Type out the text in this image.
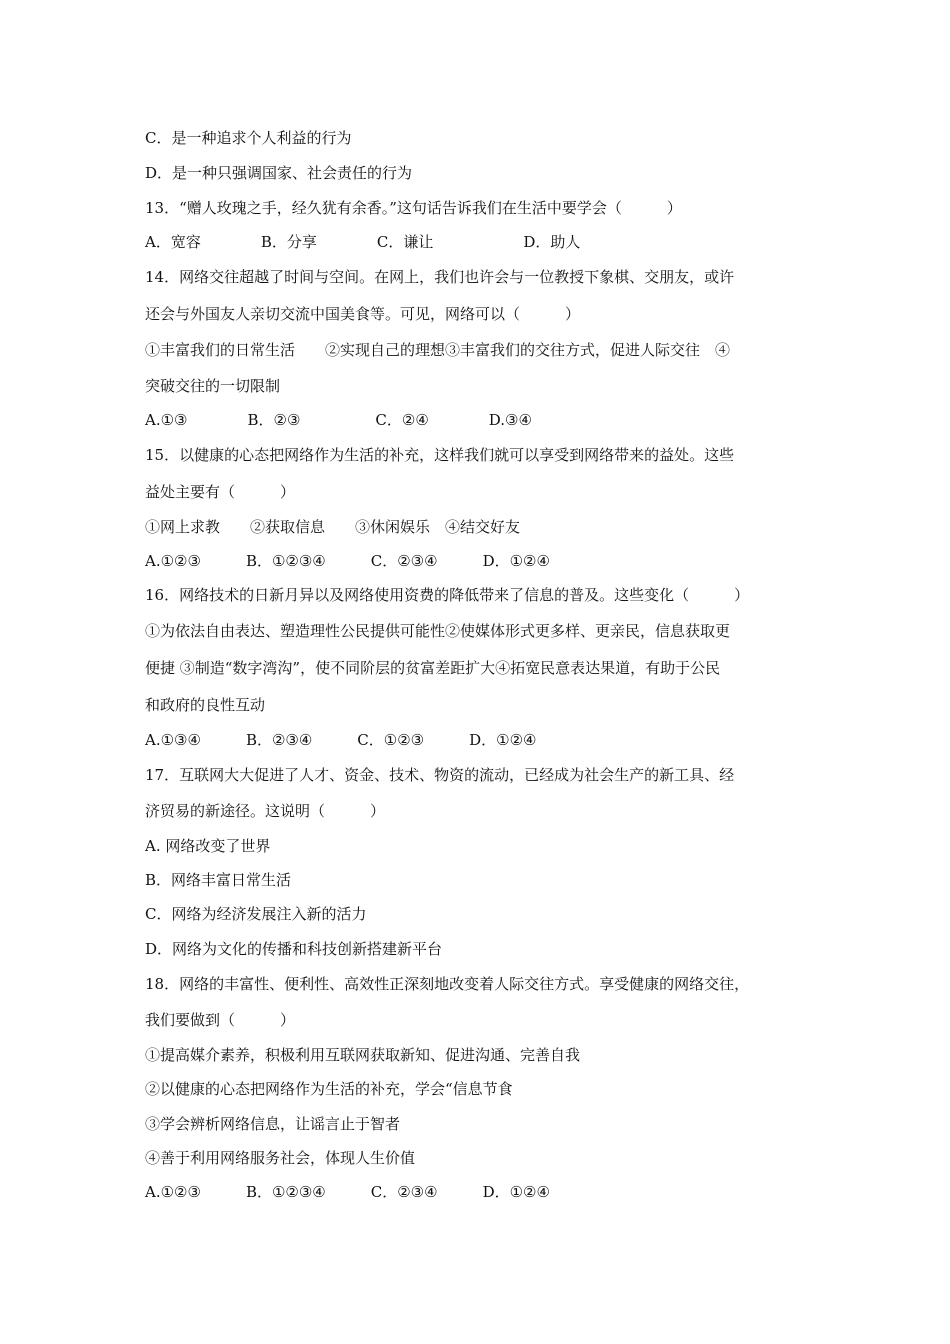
C．是一种追求个人利益的行为
D．是一种只强调国家、社会责任的行为
13．“赠人玫瑰之手，经久犹有余香。”这句话告诉我们在生活中要学会（　　　）
A．宽容　　　　B．分享　　　　C．谦让　　　　　　D．助人
14．网络交往超越了时间与空间。在网上，我们也许会与一位教授下象棋、交朋友，或许
还会与外国友人亲切交流中国美食等。可见，网络可以（　　　）
①丰富我们的日常生活　　②实现自己的理想③丰富我们的交往方式，促进人际交往　④
突破交往的一切限制
A.①③　　　　B．②③　　　　　C．②④　　　　D.③④
15．以健康的心态把网络作为生活的补充，这样我们就可以享受到网络带来的益处。这些
益处主要有（　　　）
①网上求教　　②获取信息　　③休闲娱乐　④结交好友
A.①②③　　　B．①②③④　　　C．②③④　　　D．①②④
16．网络技术的日新月异以及网络使用资费的降低带来了信息的普及。这些变化（　　　）
①为依法自由表达、塑造理性公民提供可能性②使媒体形式更多样、更亲民，信息获取更
便捷 ③制造“数字湾沟”，使不同阶层的贫富差距扩大④拓宽民意表达果道，有助于公民
和政府的良性互动
A.①③④　　　B．②③④　　　C．①②③　　　D．①②④
17．互联网大大促进了人才、资金、技术、物资的流动，已经成为社会生产的新工具、经
济贸易的新途径。这说明（　　　）
A. 网络改变了世界
B．网络丰富日常生活
C．网络为经济发展注入新的活力
D．网络为文化的传播和科技创新搭建新平台
18．网络的丰富性、便利性、高效性正深刻地改变着人际交往方式。享受健康的网络交往，
我们要做到（　　　）
①提高媒介素养，积极利用互联网获取新知、促进沟通、完善自我
②以健康的心态把网络作为生活的补充，学会“信息节食
③学会辨析网络信息，让谣言止于智者
④善于利用网络服务社会，体现人生价值
A.①②③　　　B．①②③④　　　C．②③④　　　D．①②④
